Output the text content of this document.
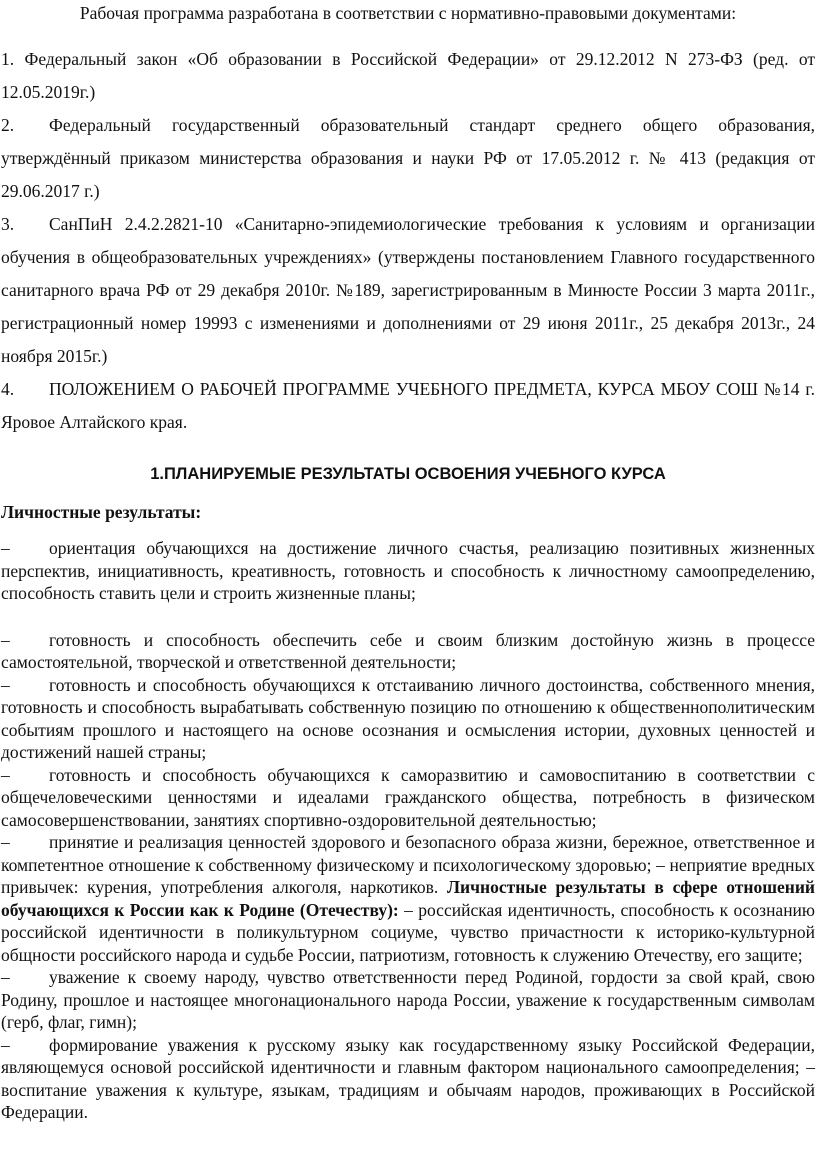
Рабочая программа разработана в соответствии с нормативно-правовыми документами:

1. Федеральный закон «Об образовании в Российской Федерации» от 29.12.2012 N 273-ФЗ (ред. от 12.05.2019г.)

2. Федеральный государственный образовательный стандарт среднего общего образования, утверждённый приказом министерства образования и науки РФ от 17.05.2012 г. № 413 (редакция от 29.06.2017 г.)

3. СанПиН 2.4.2.2821-10 «Санитарно-эпидемиологические требования к условиям и организации обучения в общеобразовательных учреждениях» (утверждены постановлением Главного государственного санитарного врача РФ от 29 декабря 2010г. №189, зарегистрированным в Минюсте России 3 марта 2011г., регистрационный номер 19993 с изменениями и дополнениями от 29 июня 2011г., 25 декабря 2013г., 24 ноября 2015г.)

4. ПОЛОЖЕНИЕМ О РАБОЧЕЙ ПРОГРАММЕ УЧЕБНОГО ПРЕДМЕТА, КУРСА МБОУ СОШ №14 г. Яровое Алтайского края.

1.ПЛАНИРУЕМЫЕ РЕЗУЛЬТАТЫ ОСВОЕНИЯ УЧЕБНОГО КУРСА

Личностные результаты:

– ориентация обучающихся на достижение личного счастья, реализацию позитивных жизненных перспектив, инициативность, креативность, готовность и способность к личностному самоопределению, способность ставить цели и строить жизненные планы;

– готовность и способность обеспечить себе и своим близким достойную жизнь в процессе самостоятельной, творческой и ответственной деятельности;

– готовность и способность обучающихся к отстаиванию личного достоинства, собственного мнения, готовность и способность вырабатывать собственную позицию по отношению к общественнополитическим событиям прошлого и настоящего на основе осознания и осмысления истории, духовных ценностей и достижений нашей страны;

– готовность и способность обучающихся к саморазвитию и самовоспитанию в соответствии с общечеловеческими ценностями и идеалами гражданского общества, потребность в физическом самосовершенствовании, занятиях спортивно-оздоровительной деятельностью;

– принятие и реализация ценностей здорового и безопасного образа жизни, бережное, ответственное и компетентное отношение к собственному физическому и психологическому здоровью; – неприятие вредных привычек: курения, употребления алкоголя, наркотиков. Личностные результаты в сфере отношений обучающихся к России как к Родине (Отечеству): – российская идентичность, способность к осознанию российской идентичности в поликультурном социуме, чувство причастности к историко-культурной общности российского народа и судьбе России, патриотизм, готовность к служению Отечеству, его защите;

– уважение к своему народу, чувство ответственности перед Родиной, гордости за свой край, свою Родину, прошлое и настоящее многонационального народа России, уважение к государственным символам (герб, флаг, гимн);

– формирование уважения к русскому языку как государственному языку Российской Федерации, являющемуся основой российской идентичности и главным фактором национального самоопределения; – воспитание уважения к культуре, языкам, традициям и обычаям народов, проживающих в Российской Федерации.
